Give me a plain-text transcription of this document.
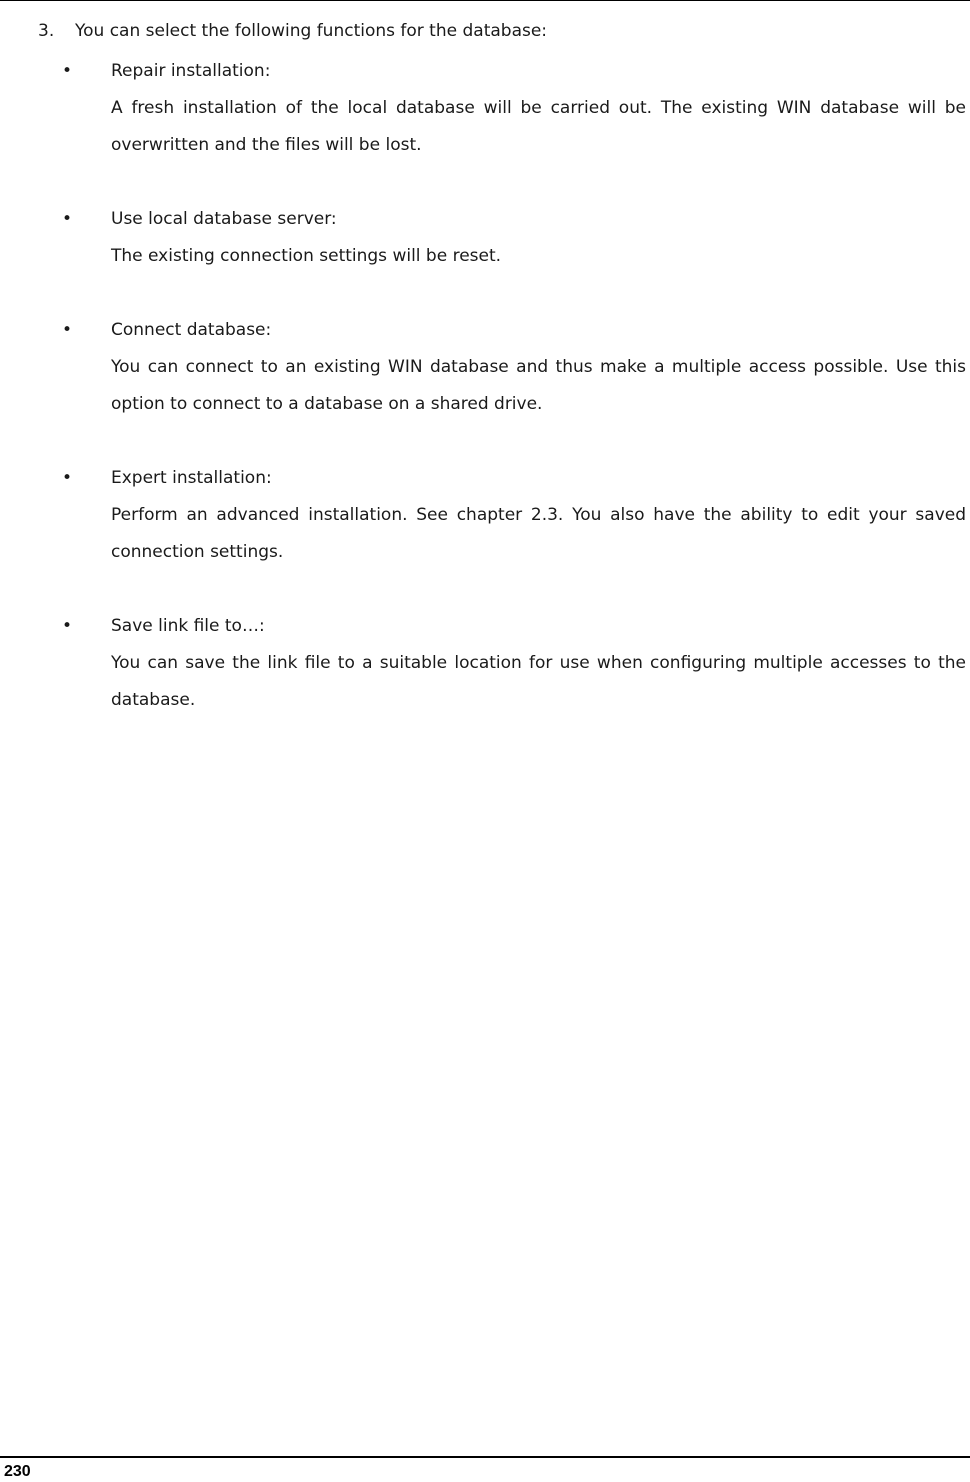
3. You can select the following functions for the database:
• Repair installation:

A fresh installation of the local database will be carried out. The existing WIN database will be overwritten and the files will be lost.

• Use local database server:

The existing connection settings will be reset.

• Connect database:

You can connect to an existing WIN database and thus make a multiple access possible. Use this option to connect to a database on a shared drive.

• Expert installation:

Perform an advanced installation. See chapter 2.3. You also have the ability to edit your saved connection settings.

• Save link file to…:

You can save the link file to a suitable location for use when configuring multiple accesses to the database.

230
